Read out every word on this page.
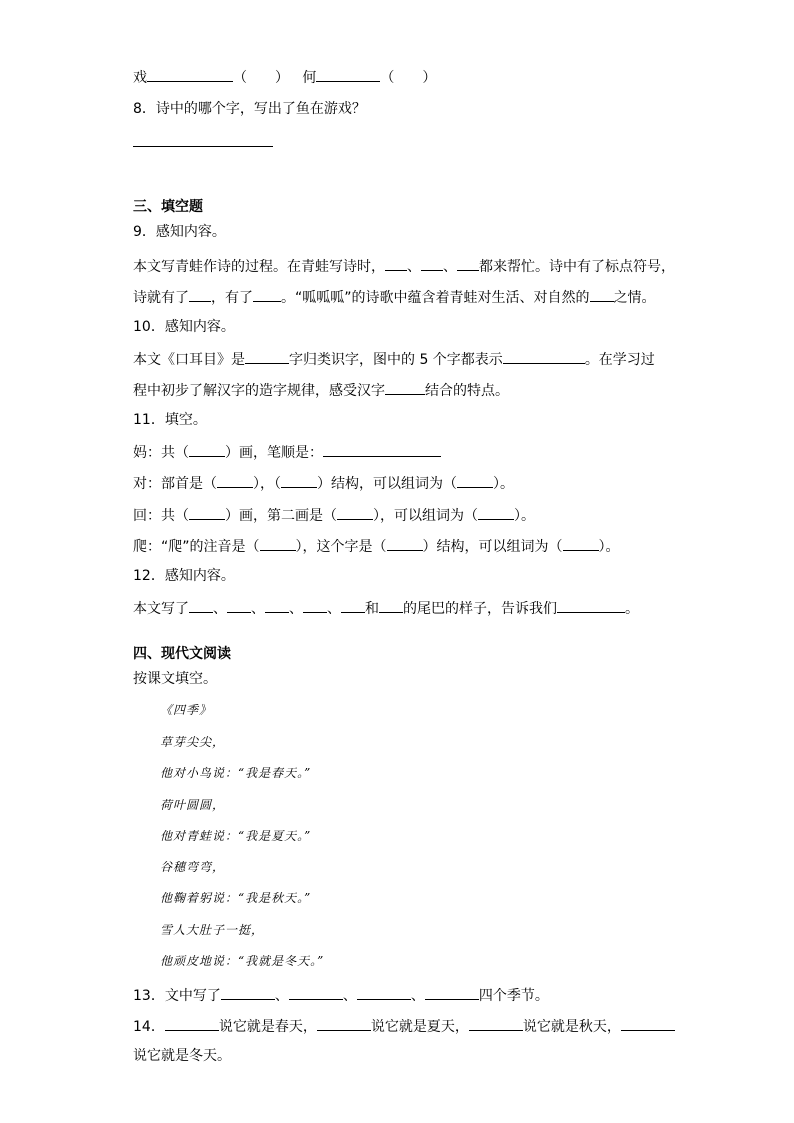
戏	（　　） 何	（　　）
8．诗中的哪个字，写出了鱼在游戏？
三、填空题
9．感知内容。
本文写青蛙作诗的过程。在青蛙写诗时， 、 、 都来帮忙。诗中有了标点符号，
诗就有了 ，有了 。“呱呱呱”的诗歌中蕴含着青蛙对生活、对自然的 之情。
10．感知内容。
本文《口耳目》是	字归类识字，图中的 5 个字都表示	。在学习过
程中初步了解汉字的造字规律，感受汉字	结合的特点。
11．填空。
妈：共（	）画，笔顺是：
对：部首是（	），（	）结构，可以组词为（	）。
回：共（	）画，第二画是（	），可以组词为（	）。
爬：“爬”的注音是（	），这个字是（	）结构，可以组词为（	）。
12．感知内容。
本文写了 、 、 、 、 和 的尾巴的样子，告诉我们	。
四、现代文阅读
按课文填空。
《四季》
草芽尖尖，
他对小鸟说：“我是春天。”
荷叶圆圆，
他对青蛙说：“我是夏天。”
谷穗弯弯，
他鞠着躬说：“我是秋天。”
雪人大肚子一挺，
他顽皮地说：“我就是冬天。”
13．文中写了	、	、	、	四个季节。
14．	说它就是春天，	说它就是夏天，	说它就是秋天，
说它就是冬天。
